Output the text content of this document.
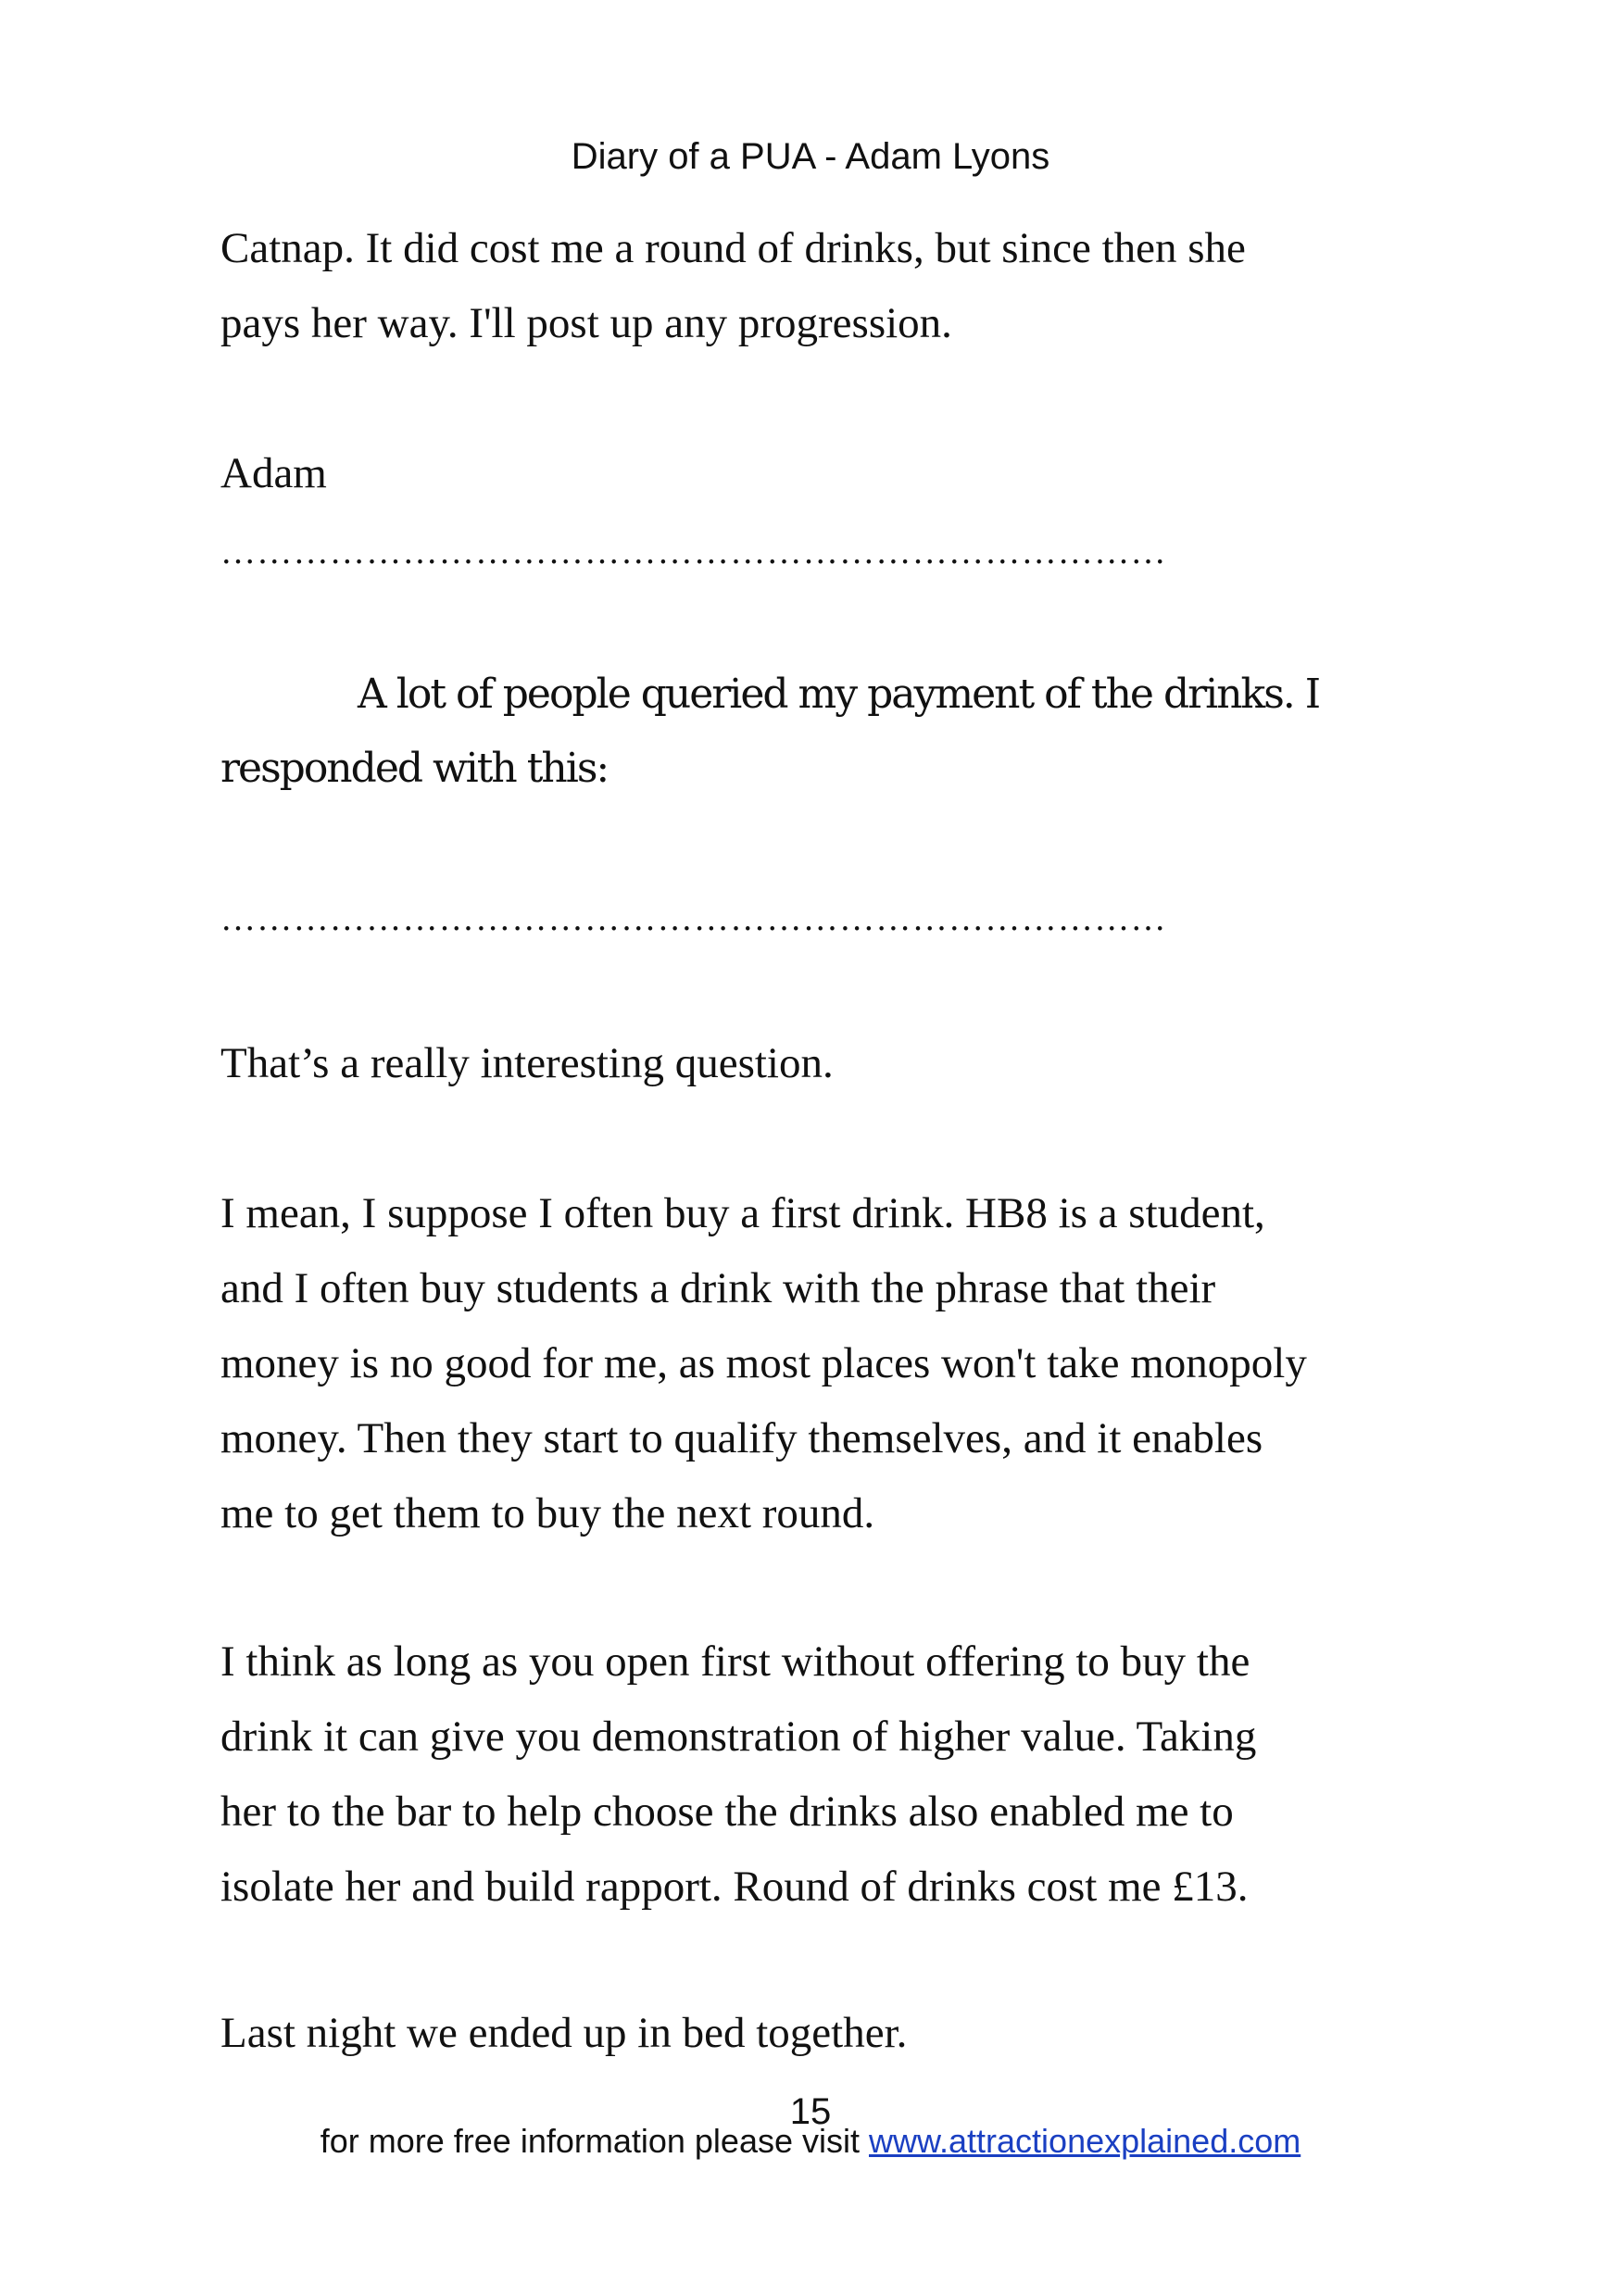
Diary of a PUA - Adam Lyons
Catnap. It did cost me a round of drinks, but since then she
pays her way. I'll post up any progression.
Adam
……………………………………………………………………
A lot of people queried my payment of the drinks. I
responded with this:
……………………………………………………………………
That’s a really interesting question.
I mean, I suppose I often buy a first drink. HB8 is a student,
and I often buy students a drink with the phrase that their
money is no good for me, as most places won't take monopoly
money. Then they start to qualify themselves, and it enables
me to get them to buy the next round.
I think as long as you open first without offering to buy the
drink it can give you demonstration of higher value. Taking
her to the bar to help choose the drinks also enabled me to
isolate her and build rapport. Round of drinks cost me £13.
Last night we ended up in bed together.
15
for more free information please visit www.attractionexplained.com
